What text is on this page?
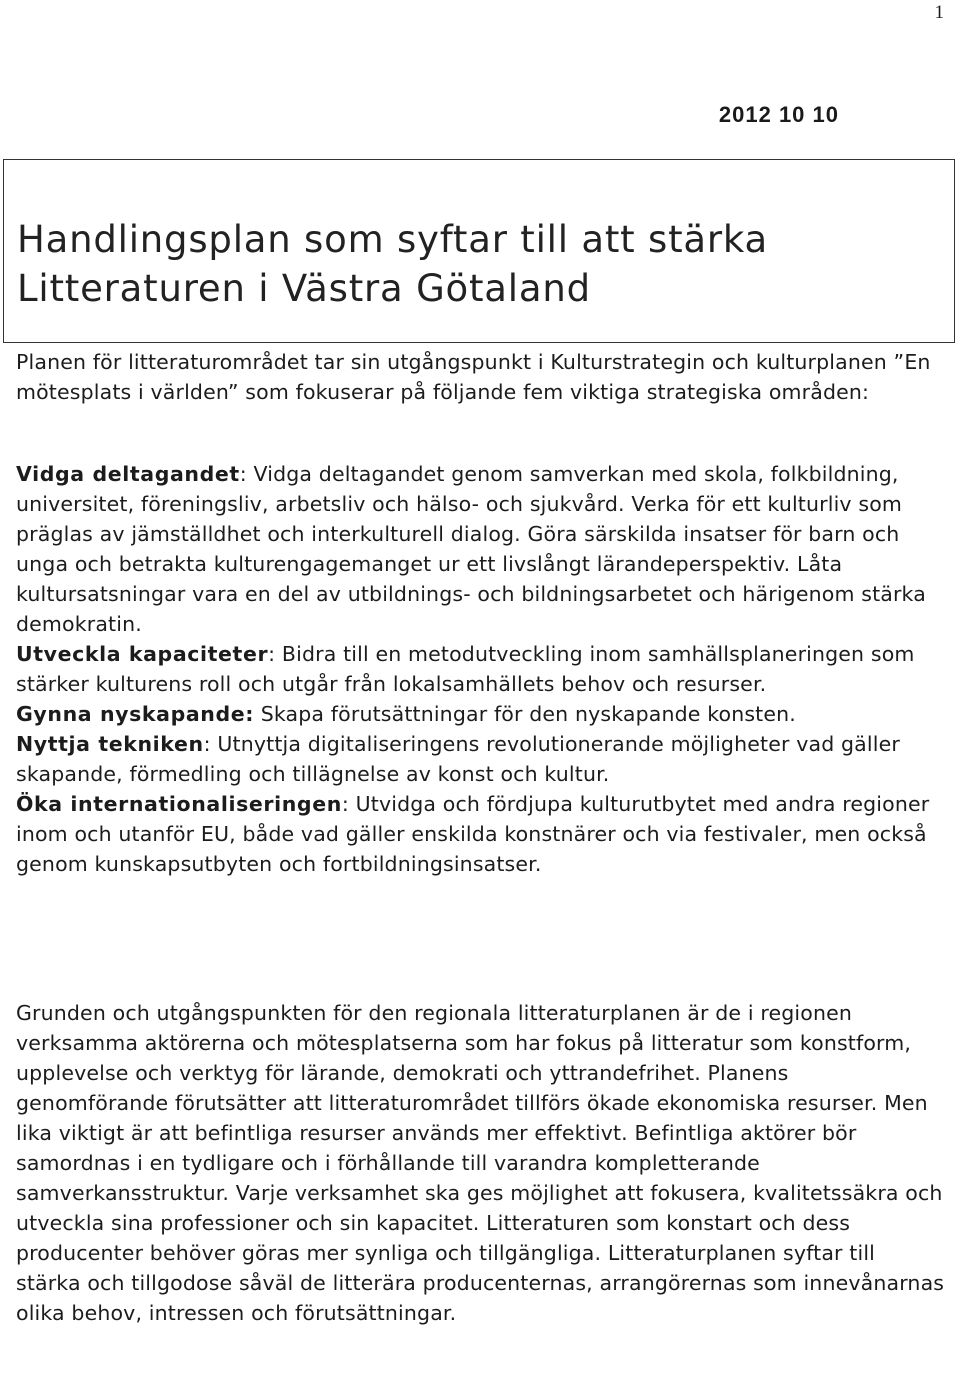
1
2012 10 10
Handlingsplan som syftar till att stärka
Litteraturen i Västra Götaland

Planen för litteraturområdet tar sin utgångspunkt i Kulturstrategin och kulturplanen ”En mötesplats i världen” som fokuserar på följande fem viktiga strategiska områden:

Vidga deltagandet: Vidga deltagandet genom samverkan med skola, folkbildning, universitet, föreningsliv, arbetsliv och hälso- och sjukvård. Verka för ett kulturliv som präglas av jämställdhet och interkulturell dialog. Göra särskilda insatser för barn och unga och betrakta kulturengagemanget ur ett livslångt lärandeperspektiv. Låta kultursatsningar vara en del av utbildnings- och bildningsarbetet och härigenom stärka demokratin.

Utveckla kapaciteter: Bidra till en metodutveckling inom samhällsplaneringen som stärker kulturens roll och utgår från lokalsamhällets behov och resurser.

Gynna nyskapande: Skapa förutsättningar för den nyskapande konsten.

Nyttja tekniken: Utnyttja digitaliseringens revolutionerande möjligheter vad gäller skapande, förmedling och tillägnelse av konst och kultur.

Öka internationaliseringen: Utvidga och fördjupa kulturutbytet med andra regioner inom och utanför EU, både vad gäller enskilda konstnärer och via festivaler, men också genom kunskapsutbyten och fortbildningsinsatser.

Grunden och utgångspunkten för den regionala litteraturplanen är de i regionen verksamma aktörerna och mötesplatserna som har fokus på litteratur som konstform, upplevelse och verktyg för lärande, demokrati och yttrandefrihet. Planens genomförande förutsätter att litteraturområdet tillförs ökade ekonomiska resurser. Men lika viktigt är att befintliga resurser används mer effektivt. Befintliga aktörer bör samordnas i en tydligare och i förhållande till varandra kompletterande samverkansstruktur. Varje verksamhet ska ges möjlighet att fokusera, kvalitetssäkra och utveckla sina professioner och sin kapacitet. Litteraturen som konstart och dess producenter behöver göras mer synliga och tillgängliga. Litteraturplanen syftar till stärka och tillgodose såväl de litterära producenternas, arrangörernas som innevånarnas olika behov, intressen och förutsättningar.
